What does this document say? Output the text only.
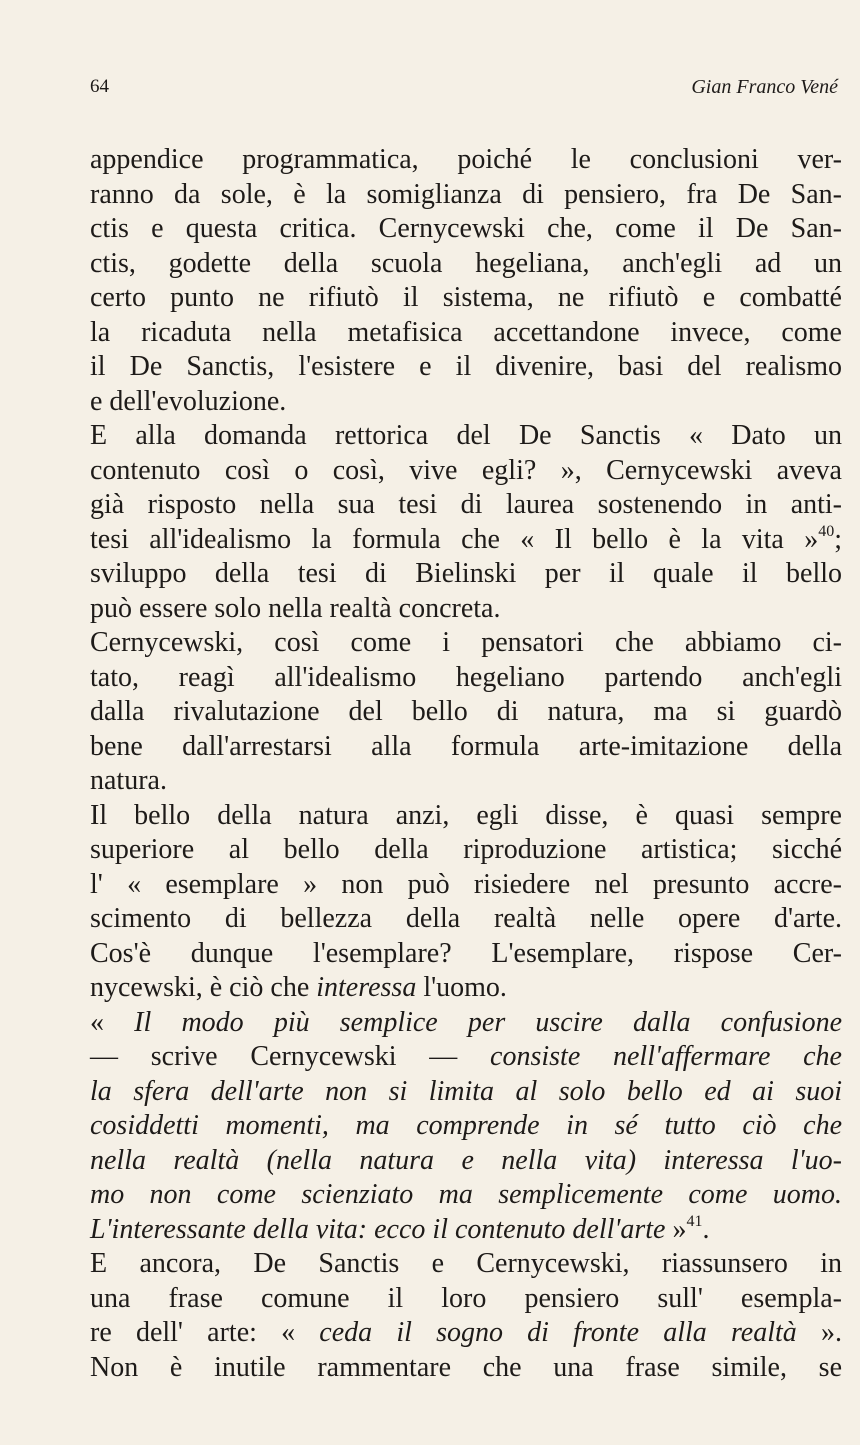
64	Gian Franco Vené
appendice programmatica, poiché le conclusioni ver-
ranno da sole, è la somiglianza di pensiero, fra De San-
ctis e questa critica. Cernycewski che, come il De San-
ctis, godette della scuola hegeliana, anch'egli ad un
certo punto ne rifiutò il sistema, ne rifiutò e combatté
la ricaduta nella metafisica accettandone invece, come
il De Sanctis, l'esistere e il divenire, basi del realismo
e dell'evoluzione.
E alla domanda rettorica del De Sanctis « Dato un
contenuto così o così, vive egli? », Cernycewski aveva
già risposto nella sua tesi di laurea sostenendo in anti-
tesi all'idealismo la formula che « Il bello è la vita »$^{40}$;
sviluppo della tesi di Bielinski per il quale il bello
può essere solo nella realtà concreta.
Cernycewski, così come i pensatori che abbiamo ci-
tato, reagì all'idealismo hegeliano partendo anch'egli
dalla rivalutazione del bello di natura, ma si guardò
bene dall'arrestarsi alla formula arte-imitazione della
natura.
Il bello della natura anzi, egli disse, è quasi sempre
superiore al bello della riproduzione artistica; sicché
l' « esemplare » non può risiedere nel presunto accre-
scimento di bellezza della realtà nelle opere d'arte.
Cos'è dunque l'esemplare? L'esemplare, rispose Cer-
nycewski, è ciò che interessa l'uomo.
« Il modo più semplice per uscire dalla confusione
— scrive Cernycewski — consiste nell'affermare che
la sfera dell'arte non si limita al solo bello ed ai suoi
cosiddetti momenti, ma comprende in sé tutto ciò che
nella realtà (nella natura e nella vita) interessa l'uo-
mo non come scienziato ma semplicemente come uomo.
L'interessante della vita: ecco il contenuto dell'arte »$^{41}$.
E ancora, De Sanctis e Cernycewski, riassunsero in
una frase comune il loro pensiero sull' esempla-
re dell' arte: « ceda il sogno di fronte alla realtà ».
Non è inutile rammentare che una frase simile, se
